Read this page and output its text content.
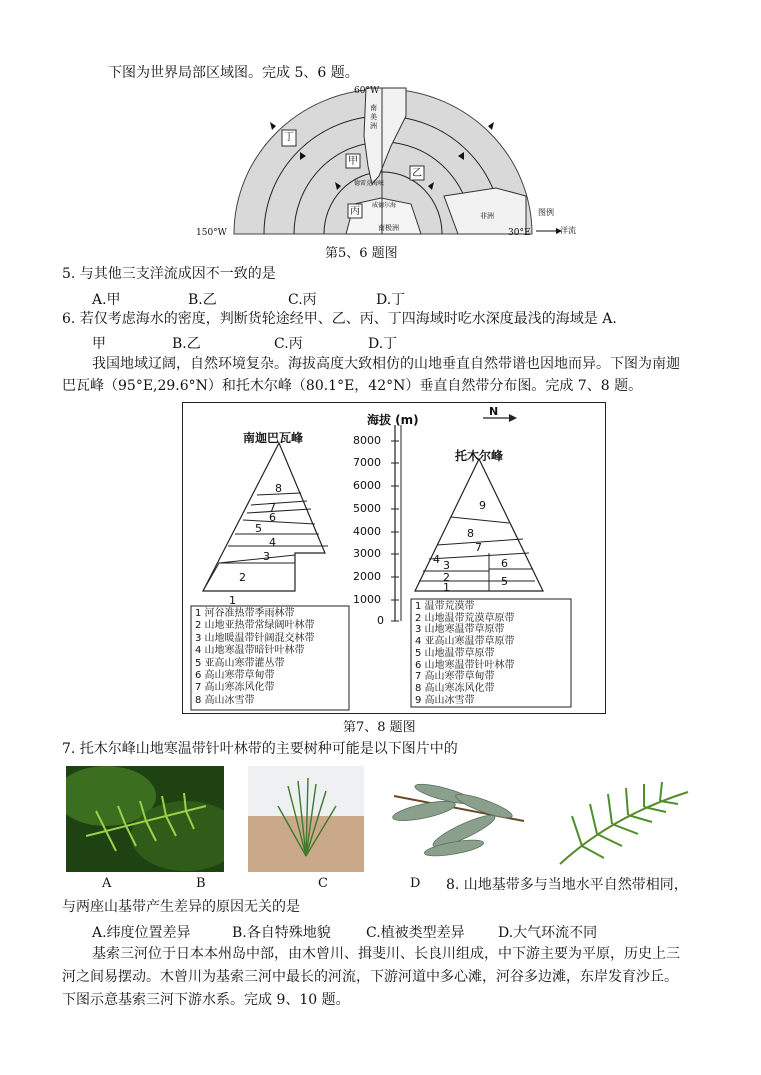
下图为世界局部区域图。完成 5、6 题。
60°W
150°W	30°E
丁
甲
乙
丙
南美洲
非洲
南极洲
德雷克海峡
威德尔海
图例
洋流
第5、6 题图
5. 与其他三支洋流成因不一致的是
A.甲	B.乙	C.丙	D.丁
6. 若仅考虑海水的密度，判断货轮途经甲、乙、丙、丁四海域时吃水深度最浅的海域是 A.
甲	B.乙	C.丙	D.丁
我国地域辽阔，自然环境复杂。海拔高度大致相仿的山地垂直自然带谱也因地而异。下图为南迦
巴瓦峰（95°E,29.6°N）和托木尔峰（80.1°E，42°N）垂直自然带分布图。完成 7、8 题。
8
7
6
5
4
3
2
1
9
8
7
4 3
2
1
6
5
南迦巴瓦峰
托木尔峰
海拔 (m)
N
8000
7000
6000
5000
4000
3000
2000
1000
0
1 河谷准热带季雨林带
2 山地亚热带常绿阔叶林带
3 山地暖温带针阔混交林带
4 山地寒温带暗针叶林带
5 亚高山寒带灌丛带
6 高山寒带草甸带
7 高山寒冻风化带
8 高山冰雪带
1 温带荒漠带
2 山地温带荒漠草原带
3 山地寒温带草原带
4 亚高山寒温带草原带
5 山地温带草原带
6 山地寒温带针叶林带
7 高山寒带草甸带
8 高山寒冻风化带
9 高山冰雪带
第7、8 题图
7. 托木尔峰山地寒温带针叶林带的主要树种可能是以下图片中的
A	B	C	D 8. 山地基带多与当地水平自然带相同，
与两座山基带产生差异的原因无关的是
A.纬度位置差异	B.各自特殊地貌	C.植被类型差异 D.大气环流不同
基索三河位于日本本州岛中部，由木曾川、揖斐川、长良川组成，中下游主要为平原，历史上三
河之间易摆动。木曾川为基索三河中最长的河流，下游河道中多心滩，河谷多边滩，东岸发育沙丘。
下图示意基索三河下游水系。完成 9、10 题。
